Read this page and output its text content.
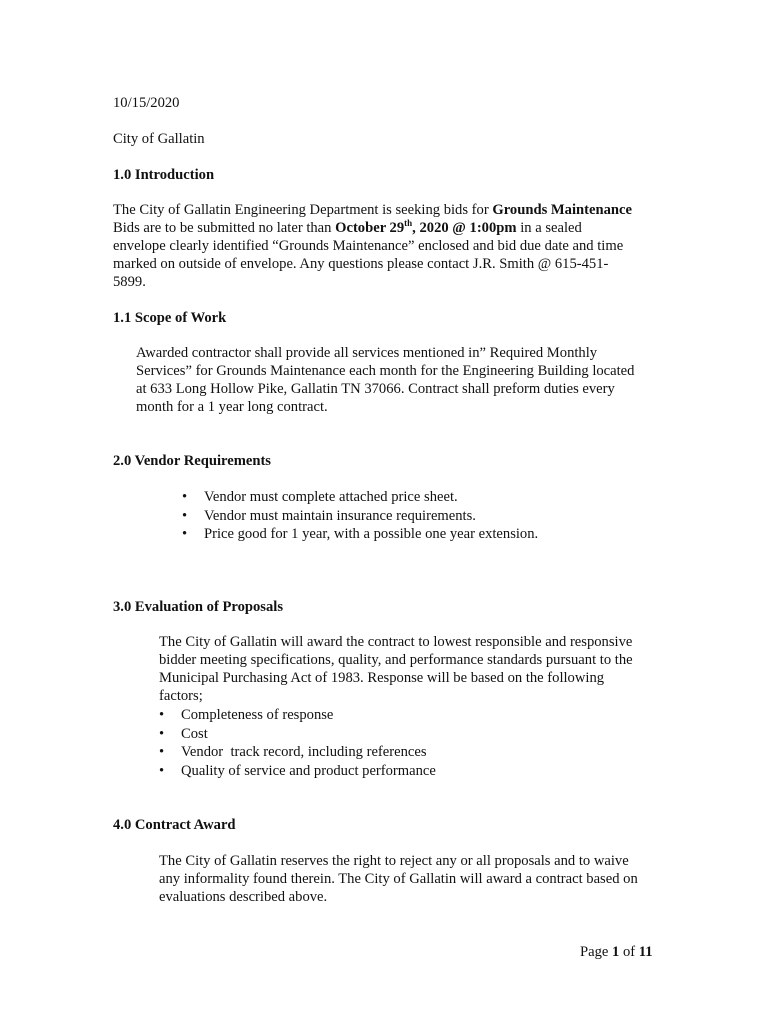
10/15/2020
City of Gallatin
1.0 Introduction
The City of Gallatin Engineering Department is seeking bids for Grounds Maintenance
Bids are to be submitted no later than October 29th, 2020 @ 1:00pm in a sealed
envelope clearly identified “Grounds Maintenance” enclosed and bid due date and time
marked on outside of envelope. Any questions please contact J.R. Smith @ 615-451-
5899.
1.1 Scope of Work
Awarded contractor shall provide all services mentioned in” Required Monthly
Services” for Grounds Maintenance each month for the Engineering Building located
at 633 Long Hollow Pike, Gallatin TN 37066. Contract shall preform duties every
month for a 1 year long contract.
2.0 Vendor Requirements
• Vendor must complete attached price sheet.
• Vendor must maintain insurance requirements.
• Price good for 1 year, with a possible one year extension.
3.0 Evaluation of Proposals
The City of Gallatin will award the contract to lowest responsible and responsive
bidder meeting specifications, quality, and performance standards pursuant to the
Municipal Purchasing Act of 1983. Response will be based on the following
factors;
• Completeness of response
• Cost
• Vendor  track record, including references
• Quality of service and product performance
4.0 Contract Award
The City of Gallatin reserves the right to reject any or all proposals and to waive
any informality found therein. The City of Gallatin will award a contract based on
evaluations described above.
Page 1 of 11
